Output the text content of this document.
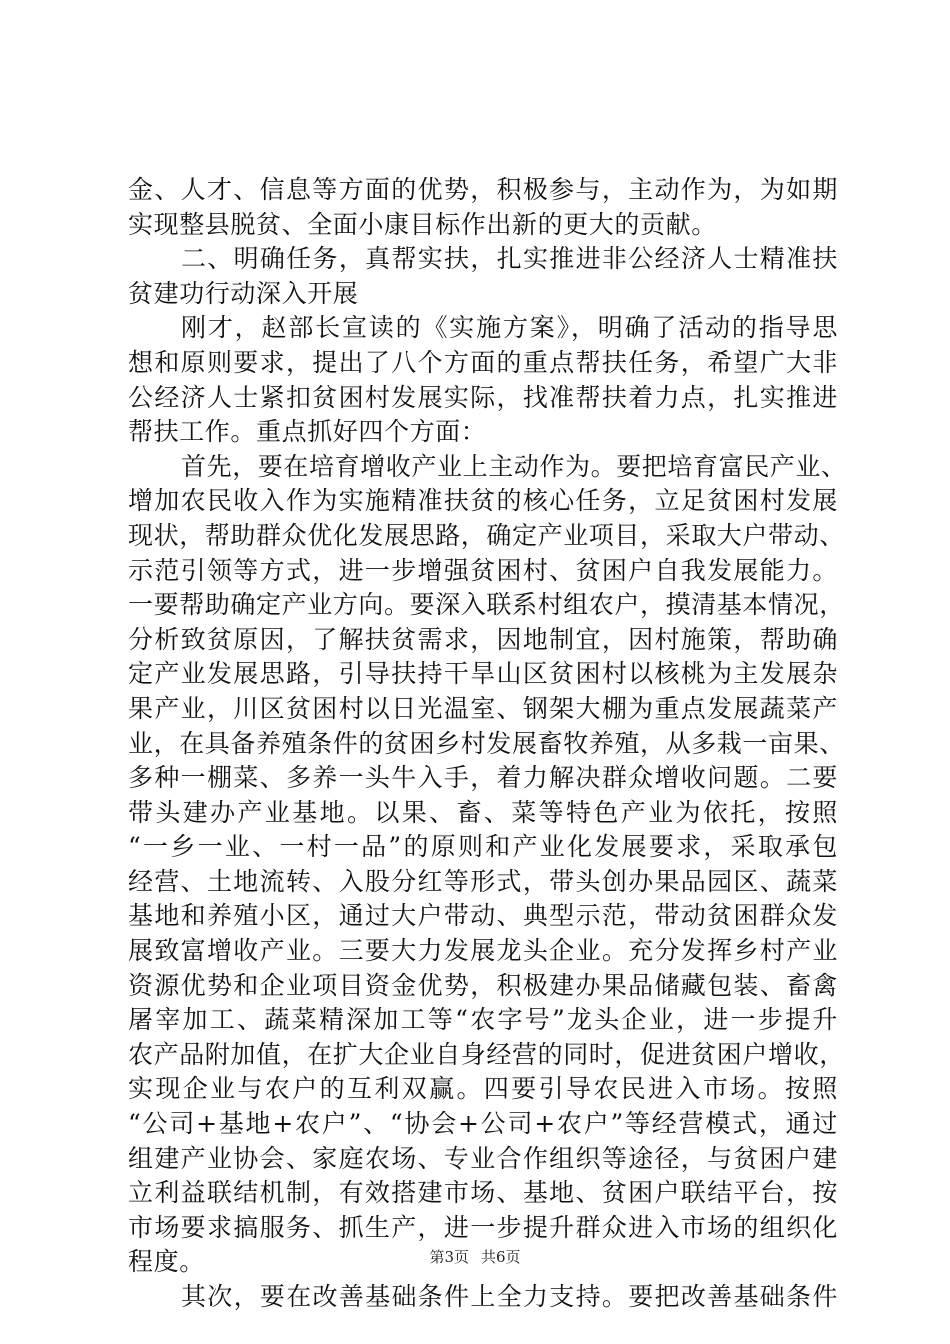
金、人才、信息等方面的优势，积极参与，主动作为，为如期
实现整县脱贫、全面小康目标作出新的更大的贡献。
二、明确任务，真帮实扶，扎实推进非公经济人士精准扶
贫建功行动深入开展
刚才，赵部长宣读的《实施方案》，明确了活动的指导思
想和原则要求，提出了八个方面的重点帮扶任务，希望广大非
公经济人士紧扣贫困村发展实际，找准帮扶着力点，扎实推进
帮扶工作。重点抓好四个方面：
首先，要在培育增收产业上主动作为。要把培育富民产业、
增加农民收入作为实施精准扶贫的核心任务，立足贫困村发展
现状，帮助群众优化发展思路，确定产业项目，采取大户带动、
示范引领等方式，进一步增强贫困村、贫困户自我发展能力。
一要帮助确定产业方向。要深入联系村组农户，摸清基本情况，
分析致贫原因，了解扶贫需求，因地制宜，因村施策，帮助确
定产业发展思路，引导扶持干旱山区贫困村以核桃为主发展杂
果产业，川区贫困村以日光温室、钢架大棚为重点发展蔬菜产
业，在具备养殖条件的贫困乡村发展畜牧养殖，从多栽一亩果、
多种一棚菜、多养一头牛入手，着力解决群众增收问题。二要
带头建办产业基地。以果、畜、菜等特色产业为依托，按照
“一乡一业、一村一品”的原则和产业化发展要求，采取承包
经营、土地流转、入股分红等形式，带头创办果品园区、蔬菜
基地和养殖小区，通过大户带动、典型示范，带动贫困群众发
展致富增收产业。三要大力发展龙头企业。充分发挥乡村产业
资源优势和企业项目资金优势，积极建办果品储藏包装、畜禽
屠宰加工、蔬菜精深加工等“农字号”龙头企业，进一步提升
农产品附加值，在扩大企业自身经营的同时，促进贫困户增收，
实现企业与农户的互利双赢。四要引导农民进入市场。按照
“公司+基地+农户”、“协会+公司+农户”等经营模式，通过
组建产业协会、家庭农场、专业合作组织等途径，与贫困户建
立利益联结机制，有效搭建市场、基地、贫困户联结平台，按
市场要求搞服务、抓生产，进一步提升群众进入市场的组织化
程度。
其次，要在改善基础条件上全力支持。要把改善基础条件
第3页 共6页
